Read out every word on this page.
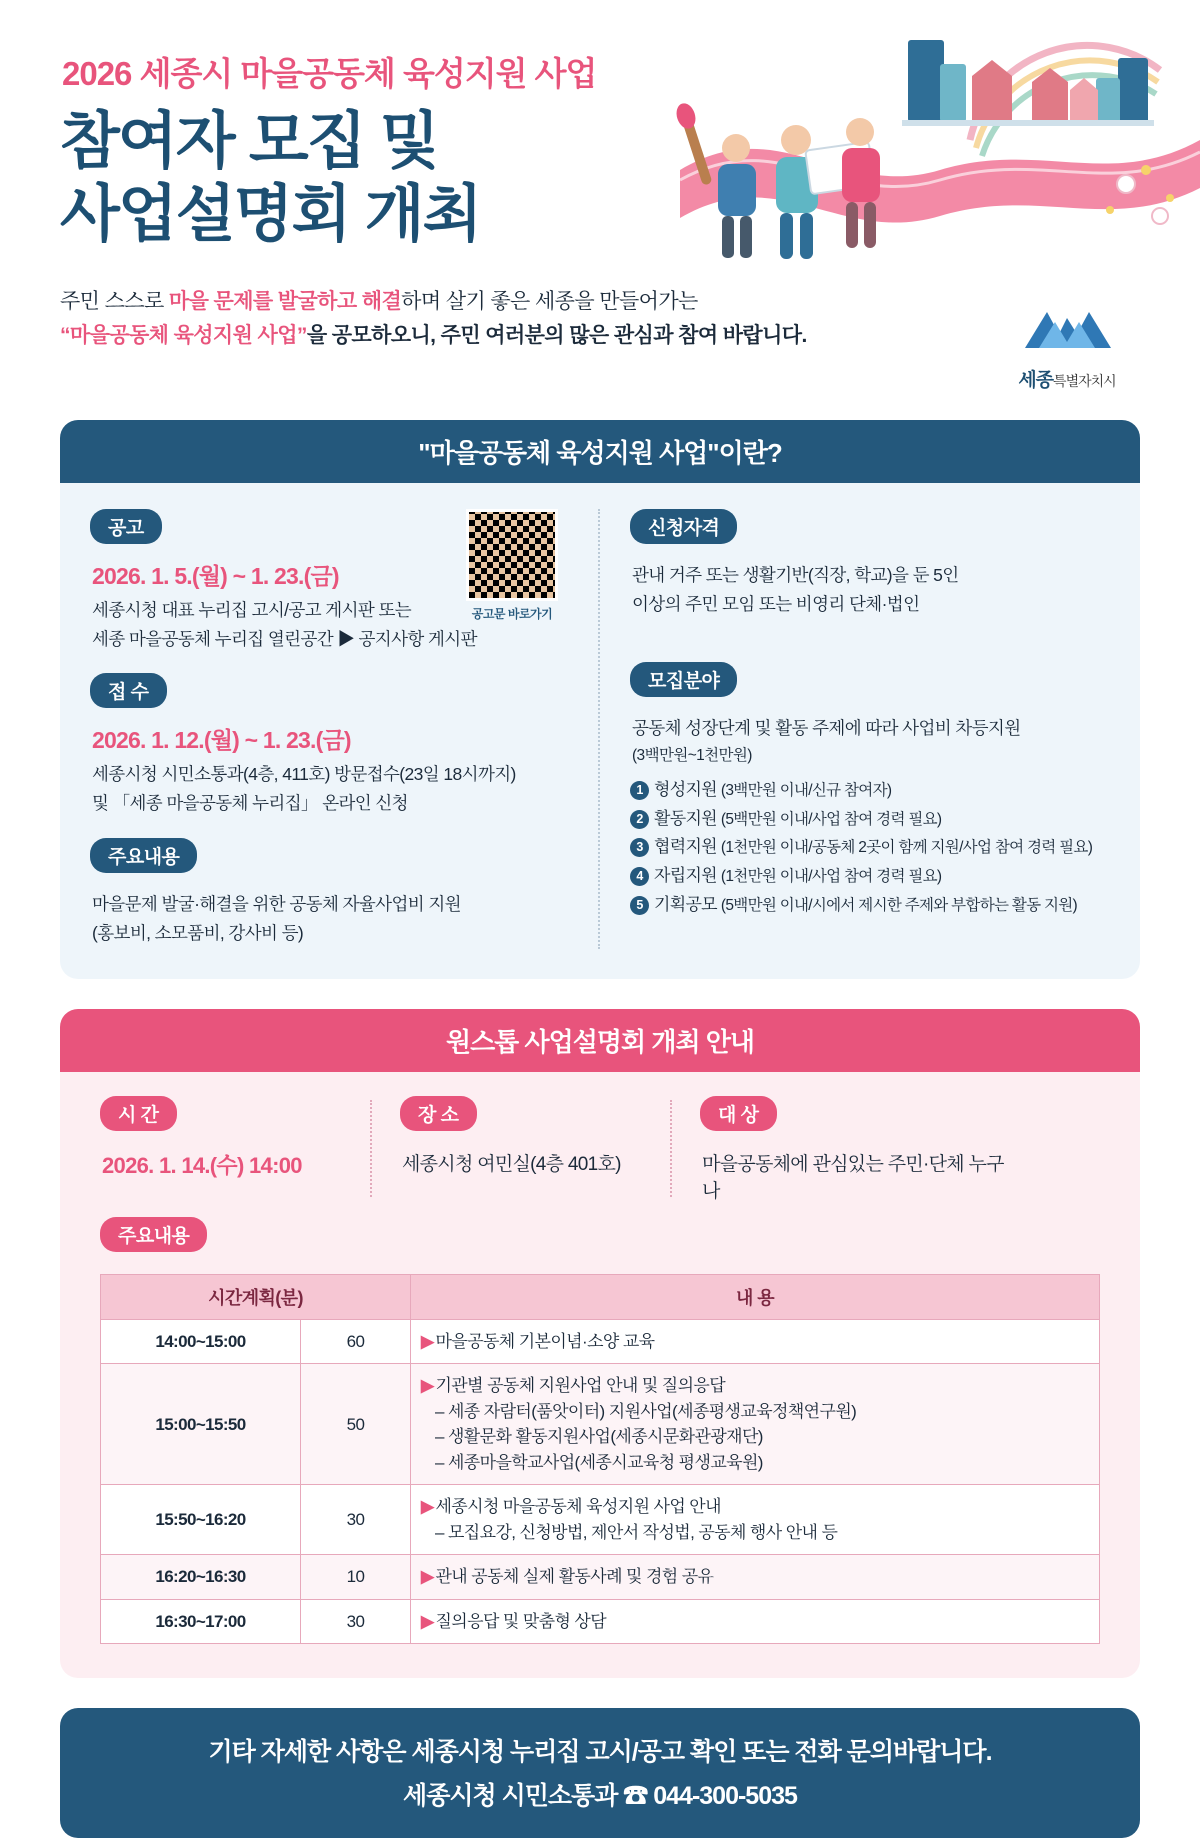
2026 세종시 마을공동체 육성지원 사업
참여자 모집 및
사업설명회 개최
주민 스스로 마을 문제를 발굴하고 해결하며 살기 좋은 세종을 만들어가는
“마을공동체 육성지원 사업”을 공모하오니, 주민 여러분의 많은 관심과 참여 바랍니다.
세종특별자치시
"마을공동체 육성지원 사업"이란?
공고문 바로가기
공고
2026. 1. 5.(월) ~ 1. 23.(금)

세종시청 대표 누리집 고시/공고 게시판 또는

세종 마을공동체 누리집 열린공간 ▶ 공지사항 게시판

접 수
2026. 1. 12.(월) ~ 1. 23.(금)

세종시청 시민소통과(4층, 411호) 방문접수(23일 18시까지)

및 「세종 마을공동체 누리집」 온라인 신청

주요내용

마을문제 발굴·해결을 위한 공동체 자율사업비 지원

(홍보비, 소모품비, 강사비 등)

신청자격

관내 거주 또는 생활기반(직장, 학교)을 둔 5인

이상의 주민 모임 또는 비영리 단체·법인

모집분야

공동체 성장단계 및 활동 주제에 따라 사업비 차등지원

(3백만원~1천만원)

1 형성지원 (3백만원 이내/신규 참여자)
2 활동지원 (5백만원 이내/사업 참여 경력 필요)
3 협력지원 (1천만원 이내/공동체 2곳이 함께 지원/사업 참여 경력 필요)
4 자립지원 (1천만원 이내/사업 참여 경력 필요)
5 기획공모 (5백만원 이내/시에서 제시한 주제와 부합하는 활동 지원)
원스톱 사업설명회 개최 안내
시 간
2026. 1. 14.(수) 14:00
장 소
세종시청 여민실(4층 401호)
대 상
마을공동체에 관심있는 주민·단체 누구나
주요내용
시간계획(분)		내 용
14:00~15:00	60	▶ 마을공동체 기본이념·소양 교육
15:00~15:50	50	▶ 기관별 공동체 지원사업 안내 및 질의응답
– 세종 자람터(품앗이터) 지원사업(세종평생교육정책연구원)
– 생활문화 활동지원사업(세종시문화관광재단)
– 세종마을학교사업(세종시교육청 평생교육원)

15:50~16:20	30	▶ 세종시청 마을공동체 육성지원 사업 안내
– 모집요강, 신청방법, 제안서 작성법, 공동체 행사 안내 등

16:20~16:30	10	▶ 관내 공동체 실제 활동사례 및 경험 공유
16:30~17:00	30	▶ 질의응답 및 맞춤형 상담
기타 자세한 사항은 세종시청 누리집 고시/공고 확인 또는 전화 문의바랍니다.
세종시청 시민소통과 ☎ 044-300-5035
